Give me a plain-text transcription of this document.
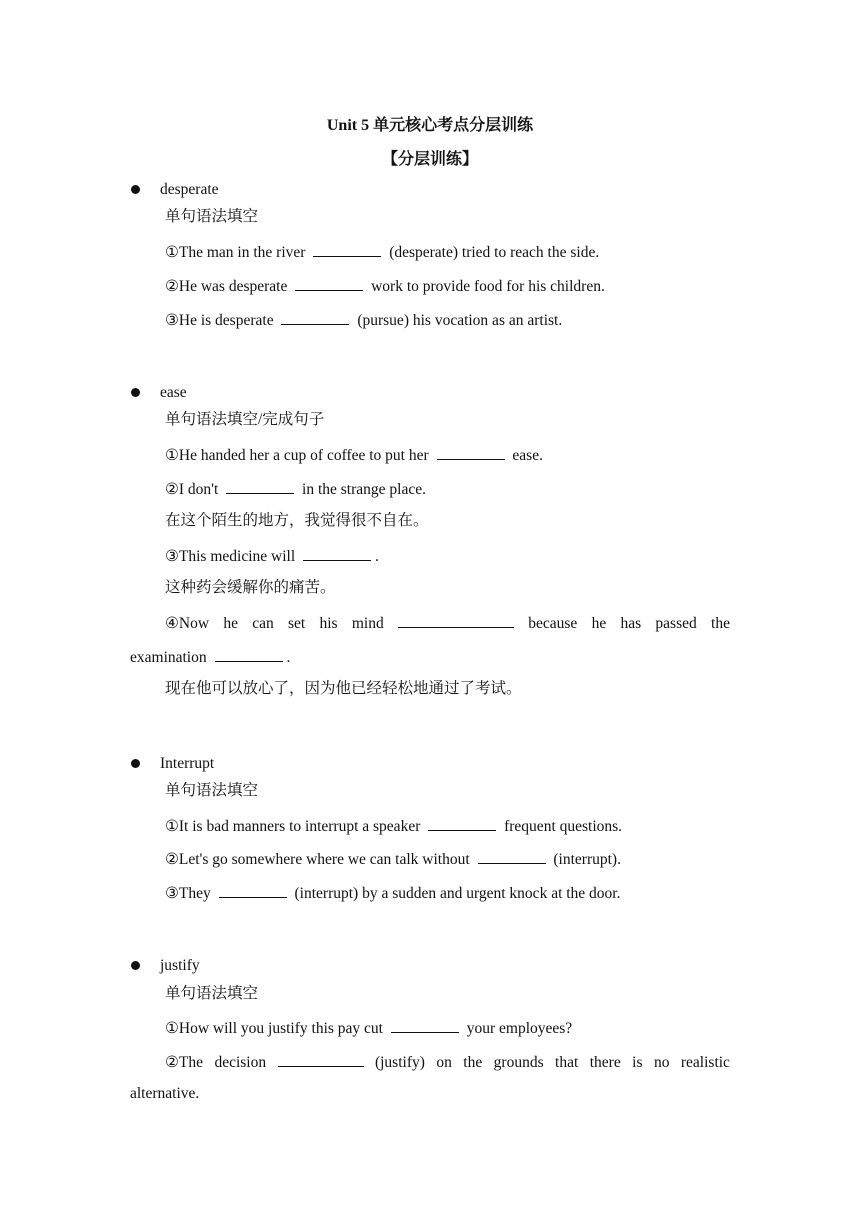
Unit 5 单元核心考点分层训练
【分层训练】
desperate
单句语法填空
①The man in the river	(desperate) tried to reach the side.
②He was desperate	work to provide food for his children.
③He is desperate	(pursue) his vocation as an artist.
ease
单句语法填空/完成句子
①He handed her a cup of coffee to put her	ease.
②I don't	in the strange place.
在这个陌生的地方，我觉得很不自在。
③This medicine will	.
这种药会缓解你的痛苦。
④Now he can set his mind	because he has passed the
examination	.
现在他可以放心了，因为他已经轻松地通过了考试。
Interrupt
单句语法填空
①It is bad manners to interrupt a speaker	frequent questions.
②Let's go somewhere where we can talk without	(interrupt).
③They	(interrupt) by a sudden and urgent knock at the door.
justify
单句语法填空
①How will you justify this pay cut	your employees?
②The decision	(justify) on the grounds that there is no realistic
alternative.
